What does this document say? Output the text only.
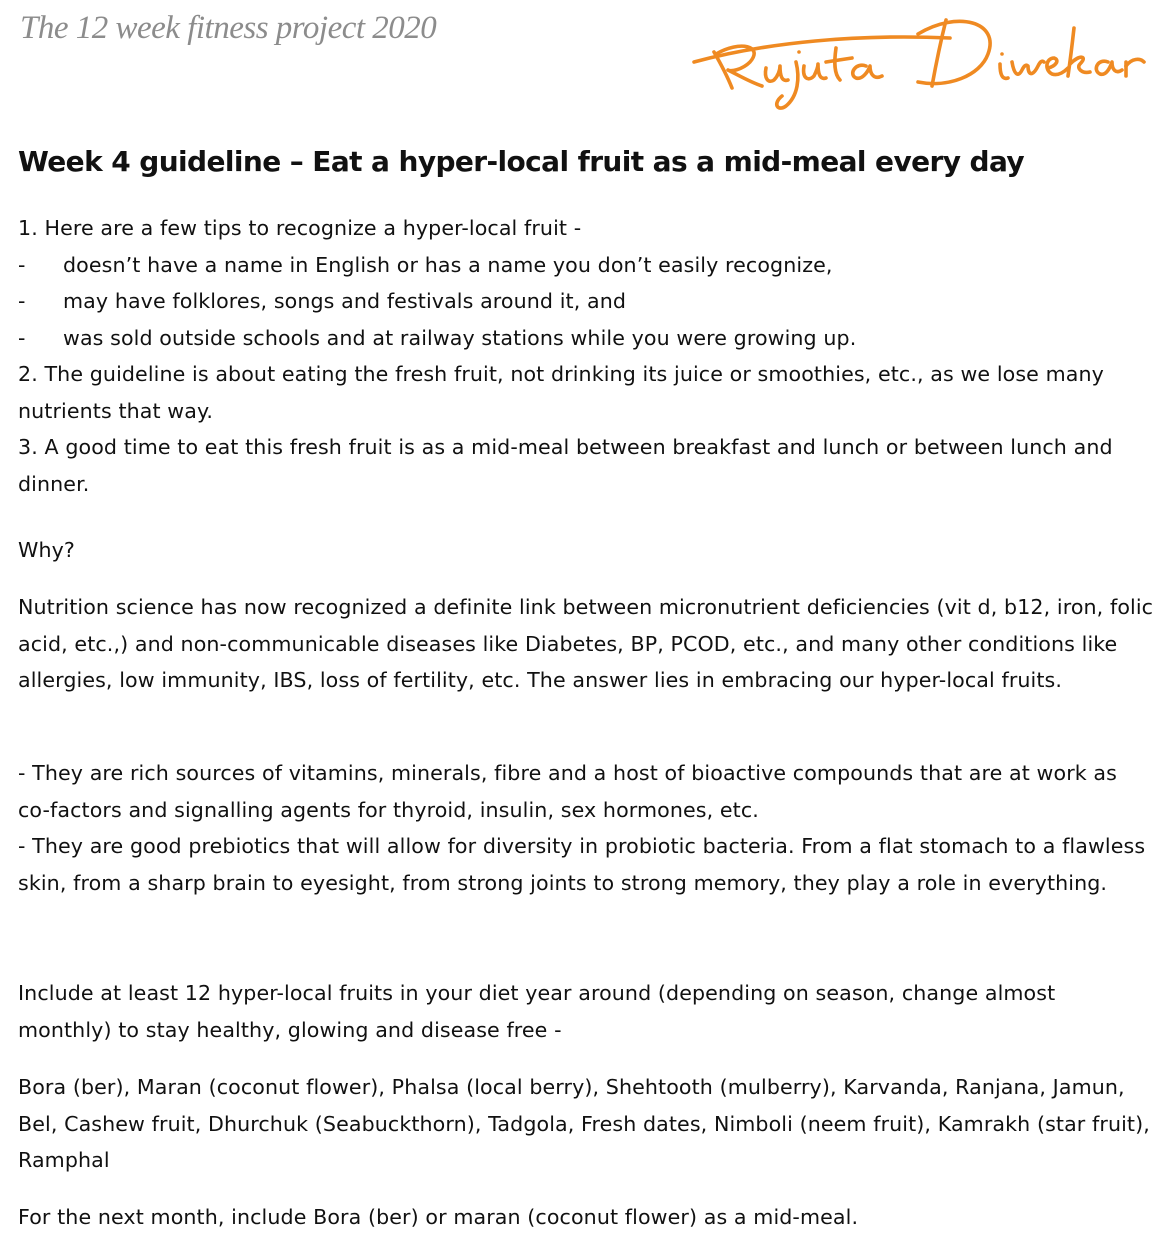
The 12 week fitness project 2020
Week 4 guideline – Eat a hyper-local fruit as a mid-meal every day

1. Here are a few tips to recognize a hyper-local fruit -

- doesn’t have a name in English or has a name you don’t easily recognize,
- may have folklores, songs and festivals around it, and
- was sold outside schools and at railway stations while you were growing up.

2. The guideline is about eating the fresh fruit, not drinking its juice or smoothies, etc., as we lose many nutrients that way.

3. A good time to eat this fresh fruit is as a mid-meal between breakfast and lunch or between lunch and dinner.

Why?

Nutrition science has now recognized a definite link between micronutrient deficiencies (vit d, b12, iron, folic acid, etc.,) and non-communicable diseases like Diabetes, BP, PCOD, etc., and many other conditions like allergies, low immunity, IBS, loss of fertility, etc. The answer lies in embracing our hyper-local fruits.

- They are rich sources of vitamins, minerals, fibre and a host of bioactive compounds that are at work as co-factors and signalling agents for thyroid, insulin, sex hormones, etc.

- They are good prebiotics that will allow for diversity in probiotic bacteria. From a flat stomach to a flawless skin, from a sharp brain to eyesight, from strong joints to strong memory, they play a role in everything.

Include at least 12 hyper-local fruits in your diet year around (depending on season, change almost monthly) to stay healthy, glowing and disease free -

Bora (ber), Maran (coconut flower), Phalsa (local berry), Shehtooth (mulberry), Karvanda, Ranjana, Jamun, Bel, Cashew fruit, Dhurchuk (Seabuckthorn), Tadgola, Fresh dates, Nimboli (neem fruit), Kamrakh (star fruit), Ramphal

For the next month, include Bora (ber) or maran (coconut flower) as a mid-meal.
